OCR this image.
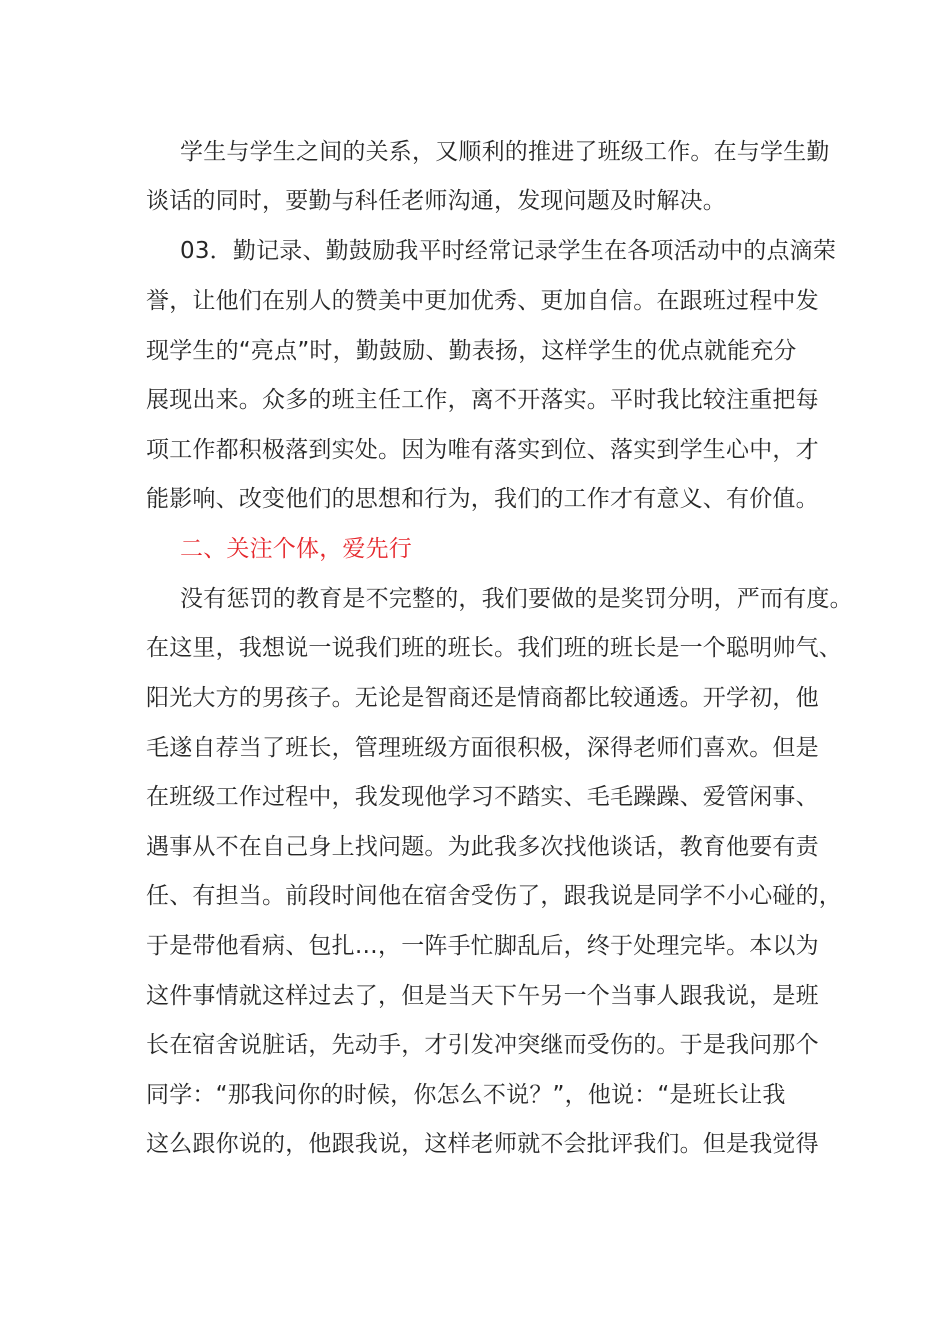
学生与学生之间的关系，又顺利的推进了班级工作。在与学生勤
谈话的同时，要勤与科任老师沟通，发现问题及时解决。
03．勤记录、勤鼓励我平时经常记录学生在各项活动中的点滴荣
誉，让他们在别人的赞美中更加优秀、更加自信。在跟班过程中发
现学生的“亮点”时，勤鼓励、勤表扬，这样学生的优点就能充分
展现出来。众多的班主任工作，离不开落实。平时我比较注重把每
项工作都积极落到实处。因为唯有落实到位、落实到学生心中，才
能影响、改变他们的思想和行为，我们的工作才有意义、有价值。
二、关注个体，爱先行
没有惩罚的教育是不完整的，我们要做的是奖罚分明，严而有度。
在这里，我想说一说我们班的班长。我们班的班长是一个聪明帅气、
阳光大方的男孩子。无论是智商还是情商都比较通透。开学初，他
毛遂自荐当了班长，管理班级方面很积极，深得老师们喜欢。但是
在班级工作过程中，我发现他学习不踏实、毛毛躁躁、爱管闲事、
遇事从不在自己身上找问题。为此我多次找他谈话，教育他要有责
任、有担当。前段时间他在宿舍受伤了，跟我说是同学不小心碰的，
于是带他看病、包扎…，一阵手忙脚乱后，终于处理完毕。本以为
这件事情就这样过去了，但是当天下午另一个当事人跟我说，是班
长在宿舍说脏话，先动手，才引发冲突继而受伤的。于是我问那个
同学：“那我问你的时候，你怎么不说？”，他说：“是班长让我
这么跟你说的，他跟我说，这样老师就不会批评我们。但是我觉得
